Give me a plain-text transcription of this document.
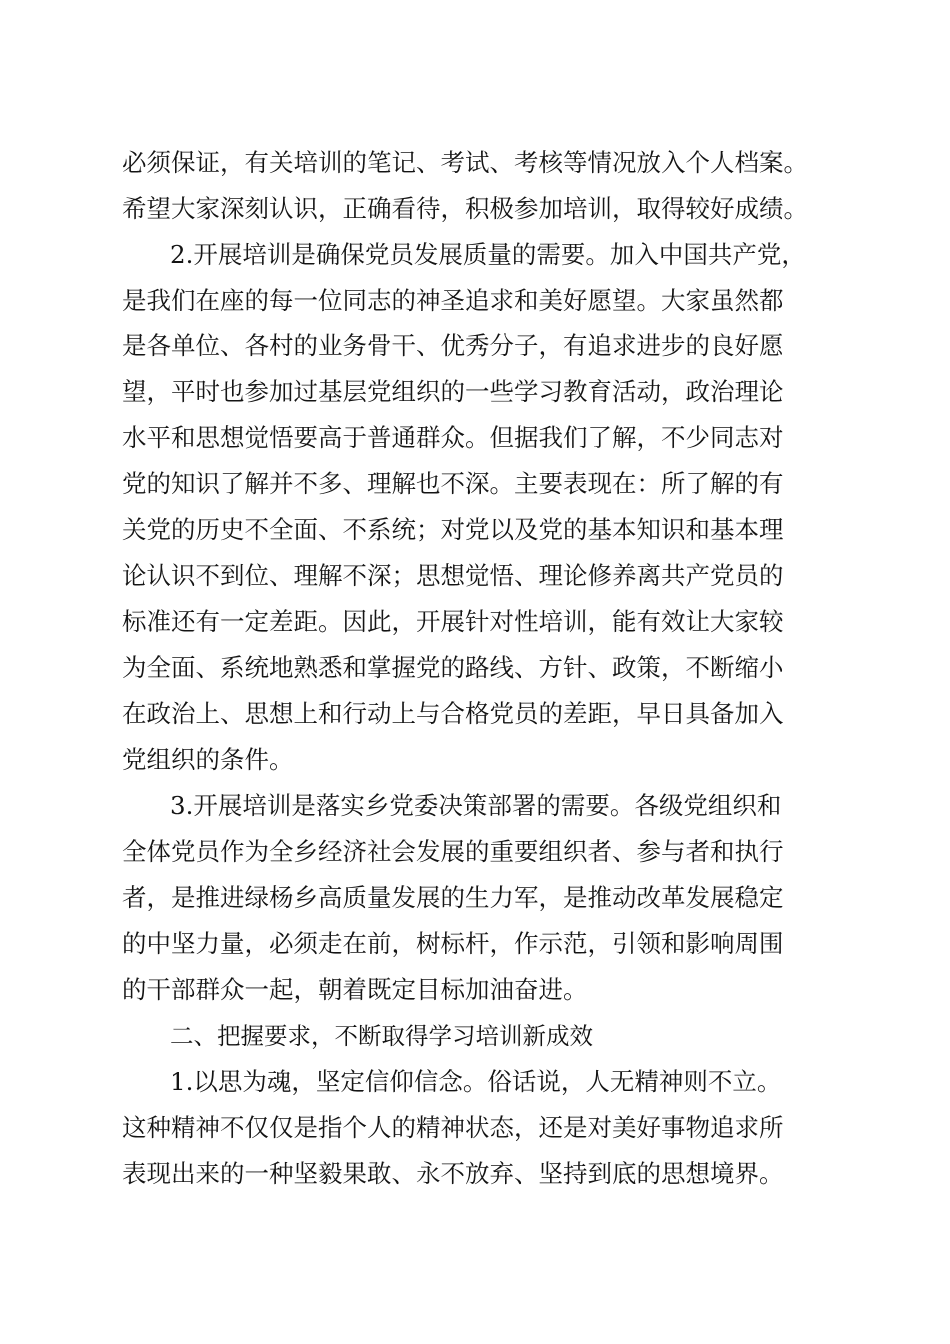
必须保证，有关培训的笔记、考试、考核等情况放入个人档案。
希望大家深刻认识，正确看待，积极参加培训，取得较好成绩。
2.开展培训是确保党员发展质量的需要。加入中国共产党，
是我们在座的每一位同志的神圣追求和美好愿望。大家虽然都
是各单位、各村的业务骨干、优秀分子，有追求进步的良好愿
望，平时也参加过基层党组织的一些学习教育活动，政治理论
水平和思想觉悟要高于普通群众。但据我们了解，不少同志对
党的知识了解并不多、理解也不深。主要表现在：所了解的有
关党的历史不全面、不系统；对党以及党的基本知识和基本理
论认识不到位、理解不深；思想觉悟、理论修养离共产党员的
标准还有一定差距。因此，开展针对性培训，能有效让大家较
为全面、系统地熟悉和掌握党的路线、方针、政策，不断缩小
在政治上、思想上和行动上与合格党员的差距，早日具备加入
党组织的条件。
3.开展培训是落实乡党委决策部署的需要。各级党组织和
全体党员作为全乡经济社会发展的重要组织者、参与者和执行
者，是推进绿杨乡高质量发展的生力军，是推动改革发展稳定
的中坚力量，必须走在前，树标杆，作示范，引领和影响周围
的干部群众一起，朝着既定目标加油奋进。
二、把握要求，不断取得学习培训新成效
1.以思为魂，坚定信仰信念。俗话说，人无精神则不立。
这种精神不仅仅是指个人的精神状态，还是对美好事物追求所
表现出来的一种坚毅果敢、永不放弃、坚持到底的思想境界。
